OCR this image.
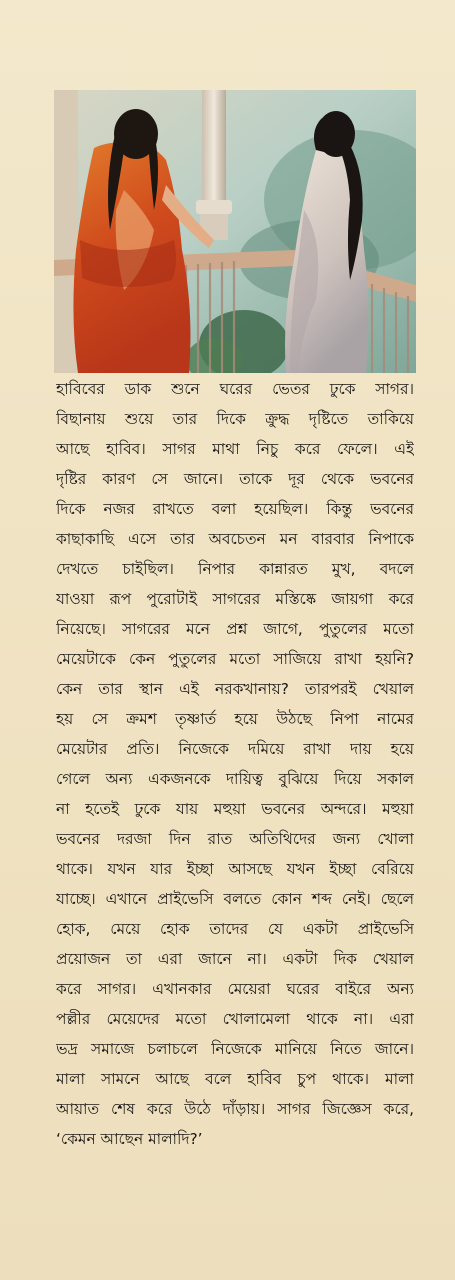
হাবিবের ডাক শুনে ঘরের ভেতর ঢুকে সাগর।
বিছানায় শুয়ে তার দিকে ক্রুদ্ধ দৃষ্টিতে তাকিয়ে
আছে হাবিব। সাগর মাথা নিচু করে ফেলে। এই
দৃষ্টির কারণ সে জানে। তাকে দূর থেকে ভবনের
দিকে নজর রাখতে বলা হয়েছিল। কিন্তু ভবনের
কাছাকাছি এসে তার অবচেতন মন বারবার নিপাকে
দেখতে চাইছিল। নিপার কান্নারত মুখ, বদলে
যাওয়া রূপ পুরোটাই সাগরের মস্তিষ্কে জায়গা করে
নিয়েছে। সাগরের মনে প্রশ্ন জাগে, পুতুলের মতো
মেয়েটাকে কেন পুতুলের মতো সাজিয়ে রাখা হয়নি?
কেন তার স্থান এই নরকখানায়? তারপরই খেয়াল
হয় সে ক্রমশ তৃষ্ণার্ত হয়ে উঠছে নিপা নামের
মেয়েটার প্রতি। নিজেকে দমিয়ে রাখা দায় হয়ে
গেলে অন্য একজনকে দায়িত্ব বুঝিয়ে দিয়ে সকাল
না হতেই ঢুকে যায় মহুয়া ভবনের অন্দরে। মহুয়া
ভবনের দরজা দিন রাত অতিথিদের জন্য খোলা
থাকে। যখন যার ইচ্ছা আসছে যখন ইচ্ছা বেরিয়ে
যাচ্ছে। এখানে প্রাইভেসি বলতে কোন শব্দ নেই। ছেলে
হোক, মেয়ে হোক তাদের যে একটা প্রাইভেসি
প্রয়োজন তা এরা জানে না। একটা দিক খেয়াল
করে সাগর। এখানকার মেয়েরা ঘরের বাইরে অন্য
পল্লীর মেয়েদের মতো খোলামেলা থাকে না। এরা
ভদ্র সমাজে চলাচলে নিজেকে মানিয়ে নিতে জানে।
মালা সামনে আছে বলে হাবিব চুপ থাকে। মালা
আয়াত শেষ করে উঠে দাঁড়ায়। সাগর জিজ্ঞেস করে,
‘কেমন আছেন মালাদি?’
